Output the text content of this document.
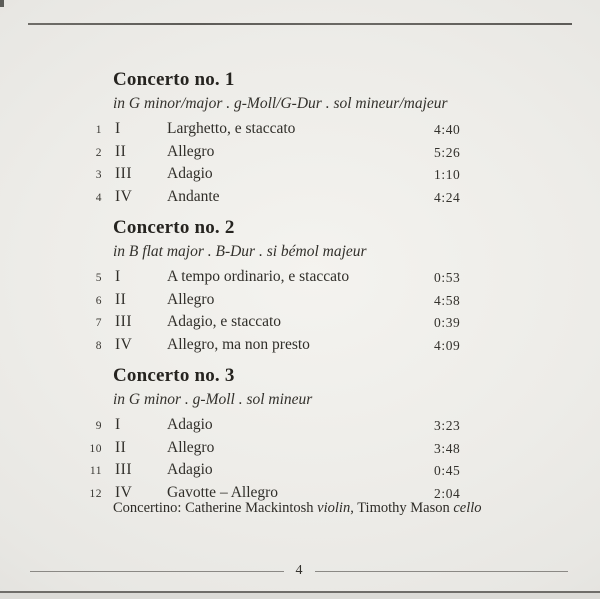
Concerto no. 1
in G minor/major . g-Moll/G-Dur . sol mineur/majeur
1 I	Larghetto, e staccato	4:40
2 II	Allegro	5:26
3 III	Adagio	1:10
4 IV	Andante	4:24
Concerto no. 2
in B flat major . B-Dur . si bémol majeur
5 I	A tempo ordinario, e staccato	0:53
6 II	Allegro	4:58
7 III	Adagio, e staccato	0:39
8 IV	Allegro, ma non presto	4:09
Concerto no. 3
in G minor . g-Moll . sol mineur
9 I	Adagio	3:23
10 II	Allegro	3:48
11 III	Adagio	0:45
12 IV	Gavotte – Allegro	2:04
Concertino: Catherine Mackintosh violin, Timothy Mason cello
4
